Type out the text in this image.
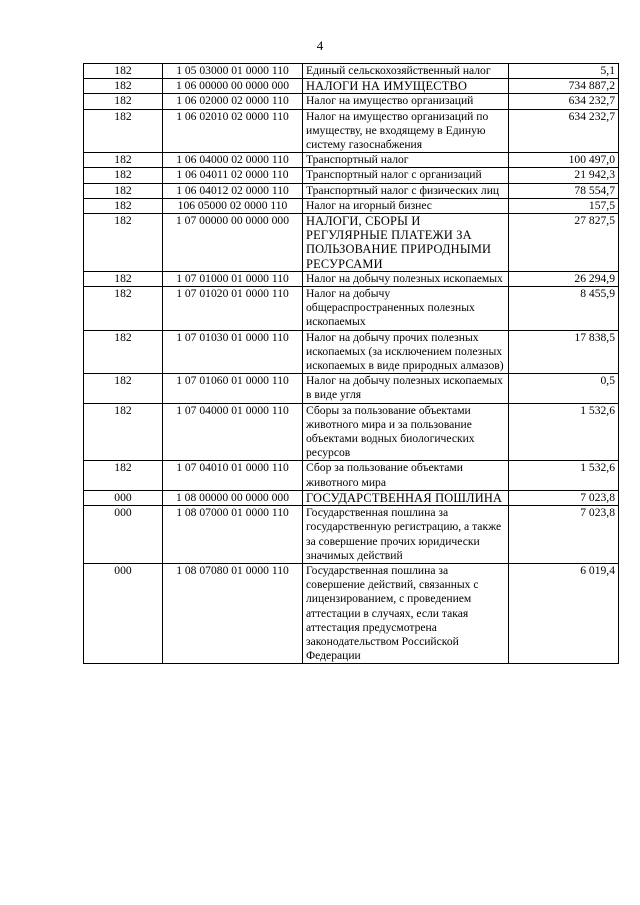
4
182	1 05 03000 01 0000 110	Единый сельскохозяйственный налог	5,1
182	1 06 00000 00 0000 000	НАЛОГИ НА ИМУЩЕСТВО	734 887,2
182	1 06 02000 02 0000 110	Налог на имущество организаций	634 232,7
182	1 06 02010 02 0000 110	Налог на имущество организаций по имуществу, не входящему в Единую систему газоснабжения	634 232,7
182	1 06 04000 02 0000 110	Транспортный налог	100 497,0
182	1 06 04011 02 0000 110	Транспортный налог с организаций	21 942,3
182	1 06 04012 02 0000 110	Транспортный налог с физических лиц	78 554,7
182	106 05000 02 0000 110	Налог на игорный бизнес	157,5
182	1 07 00000 00 0000 000	НАЛОГИ, СБОРЫ И РЕГУЛЯРНЫЕ ПЛАТЕЖИ ЗА ПОЛЬЗОВАНИЕ ПРИРОДНЫМИ РЕСУРСАМИ	27 827,5
182	1 07 01000 01 0000 110	Налог на добычу полезных ископаемых	26 294,9
182	1 07 01020 01 0000 110	Налог на добычу общераспространенных полезных ископаемых	8 455,9
182	1 07 01030 01 0000 110	Налог на добычу прочих полезных ископаемых (за исключением полезных ископаемых в виде природных алмазов)	17 838,5
182	1 07 01060 01 0000 110	Налог на добычу полезных ископаемых в виде угля	0,5
182	1 07 04000 01 0000 110	Сборы за пользование объектами животного мира и за пользование объектами водных биологических ресурсов	1 532,6
182	1 07 04010 01 0000 110	Сбор за пользование объектами животного мира	1 532,6
000	1 08 00000 00 0000 000	ГОСУДАРСТВЕННАЯ ПОШЛИНА	7 023,8
000	1 08 07000 01 0000 110	Государственная пошлина за государственную регистрацию, а также за совершение прочих юридически значимых действий	7 023,8
000	1 08 07080 01 0000 110	Государственная пошлина за совершение действий, связанных с лицензированием, с проведением аттестации в случаях, если такая аттестация предусмотрена законодательством Российской Федерации	6 019,4
